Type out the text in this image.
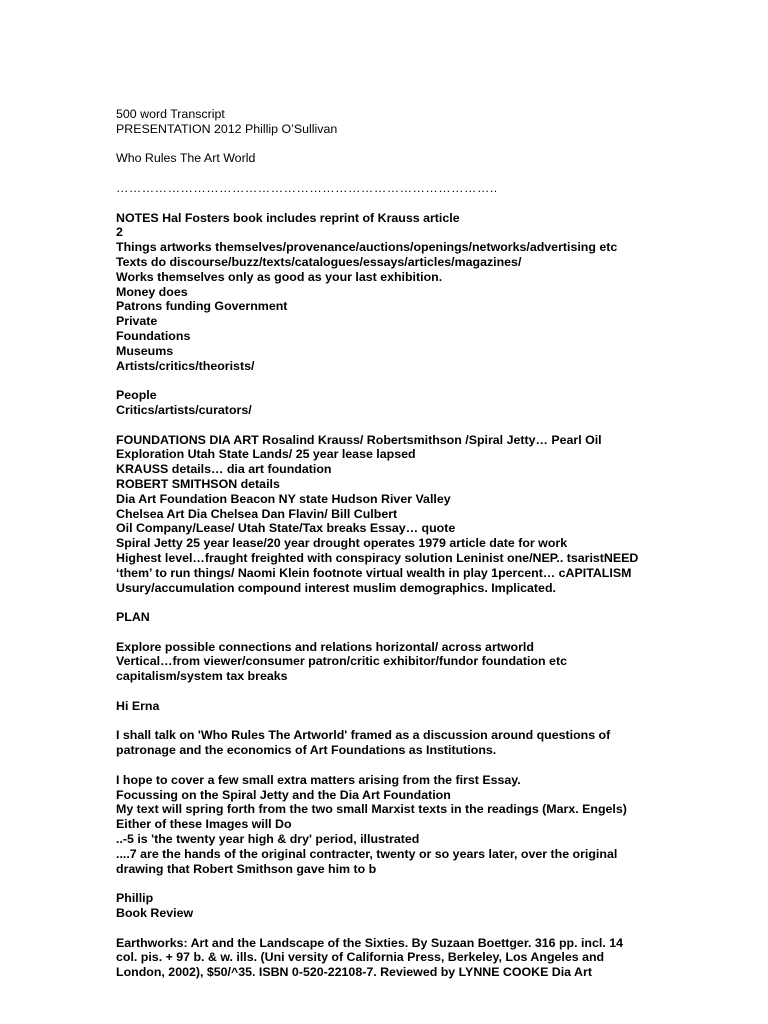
500 word Transcript
PRESENTATION 2012 Phillip O’Sullivan
Who Rules The Art World
……………………………………………………………………………..
NOTES Hal Fosters book includes reprint of Krauss article
2
Things artworks themselves/provenance/auctions/openings/networks/advertising etc
Texts do discourse/buzz/texts/catalogues/essays/articles/magazines/
Works themselves only as good as your last exhibition.
Money does
Patrons funding Government
Private
Foundations
Museums
Artists/critics/theorists/
People
Critics/artists/curators/
FOUNDATIONS DIA ART Rosalind Krauss/ Robertsmithson /Spiral Jetty… Pearl Oil
Exploration Utah State Lands/ 25 year lease lapsed
KRAUSS details… dia art foundation
ROBERT SMITHSON details
Dia Art Foundation Beacon NY state Hudson River Valley
Chelsea Art Dia Chelsea Dan Flavin/ Bill Culbert
Oil Company/Lease/ Utah State/Tax breaks Essay… quote
Spiral Jetty 25 year lease/20 year drought operates 1979 article date for work
Highest level…fraught freighted with conspiracy solution Leninist one/NEP.. tsaristNEED
‘them’ to run things/ Naomi Klein footnote virtual wealth in play 1percent… cAPITALISM
Usury/accumulation compound interest muslim demographics. Implicated.
PLAN
Explore possible connections and relations horizontal/ across artworld
Vertical…from viewer/consumer patron/critic exhibitor/fundor foundation etc
capitalism/system tax breaks
Hi Erna
I shall talk on 'Who Rules The Artworld' framed as a discussion around questions of
patronage and the economics of Art Foundations as Institutions.
I hope to cover a few small extra matters arising from the first Essay.
Focussing on the Spiral Jetty and the Dia Art Foundation
My text will spring forth from the two small Marxist texts in the readings (Marx. Engels)
Either of these Images will Do
..-5 is 'the twenty year high & dry' period, illustrated
....7 are the hands of the original contracter, twenty or so years later, over the original
drawing that Robert Smithson gave him to b
Phillip
Book Review
Earthworks: Art and the Landscape of the Sixties. By Suzaan Boettger. 316 pp. incl. 14
col. pis. + 97 b. & w. ills. (Uni versity of California Press, Berkeley, Los Angeles and
London, 2002), $50/^35. ISBN 0-520-22108-7. Reviewed by LYNNE COOKE Dia Art
